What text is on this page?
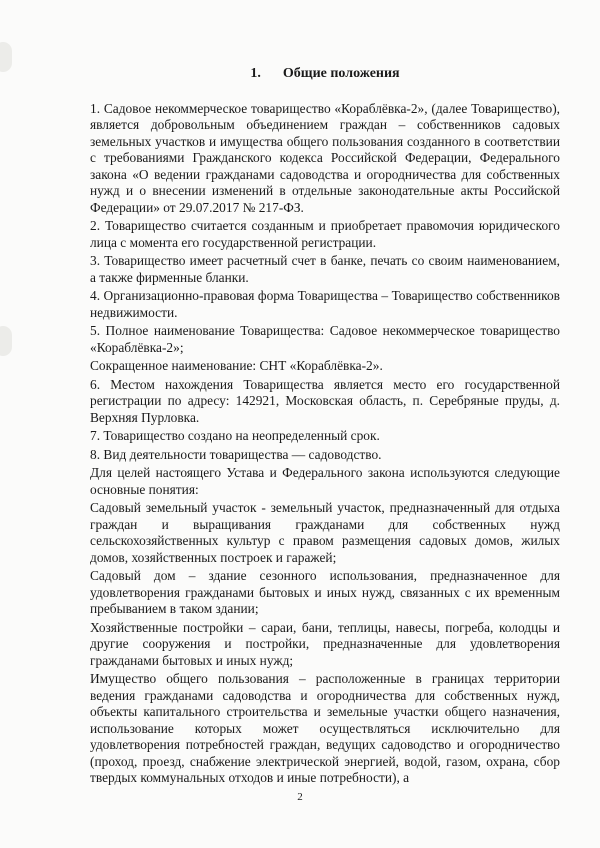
1. Общие положения

1. Садовое некоммерческое товарищество «Кораблёвка-2», (далее Товарищество), является добровольным объединением граждан – собственников садовых земельных участков и имущества общего пользования созданного в соответствии с требованиями Гражданского кодекса Российской Федерации, Федерального закона «О ведении гражданами садоводства и огородничества для собственных нужд и о внесении изменений в отдельные законодательные акты Российской Федерации» от 29.07.2017 № 217-ФЗ.

2. Товарищество считается созданным и приобретает правомочия юридического лица с момента его государственной регистрации.

3. Товарищество имеет расчетный счет в банке, печать со своим наименованием, а также фирменные бланки.

4. Организационно-правовая форма Товарищества – Товарищество собственников недвижимости.

5. Полное наименование Товарищества: Садовое некоммерческое товарищество «Кораблёвка-2»;

Сокращенное наименование: СНТ «Кораблёвка-2».

6. Местом нахождения Товарищества является место его государственной регистрации по адресу: 142921, Московская область, п. Серебряные пруды, д. Верхняя Пурловка.

7. Товарищество создано на неопределенный срок.

8. Вид деятельности товарищества — садоводство.

Для целей настоящего Устава и Федерального закона используются следующие основные понятия:

Садовый земельный участок - земельный участок, предназначенный для отдыха граждан и выращивания гражданами для собственных нужд сельскохозяйственных культур с правом размещения садовых домов, жилых домов, хозяйственных построек и гаражей;

Садовый дом – здание сезонного использования, предназначенное для удовлетворения гражданами бытовых и иных нужд, связанных с их временным пребыванием в таком здании;

Хозяйственные постройки – сараи, бани, теплицы, навесы, погреба, колодцы и другие сооружения и постройки, предназначенные для удовлетворения гражданами бытовых и иных нужд;

Имущество общего пользования – расположенные в границах территории ведения гражданами садоводства и огородничества для собственных нужд, объекты капитального строительства и земельные участки общего назначения, использование которых может осуществляться исключительно для удовлетворения потребностей граждан, ведущих садоводство и огородничество (проход, проезд, снабжение электрической энергией, водой, газом, охрана, сбор твердых коммунальных отходов и иные потребности), а

2
